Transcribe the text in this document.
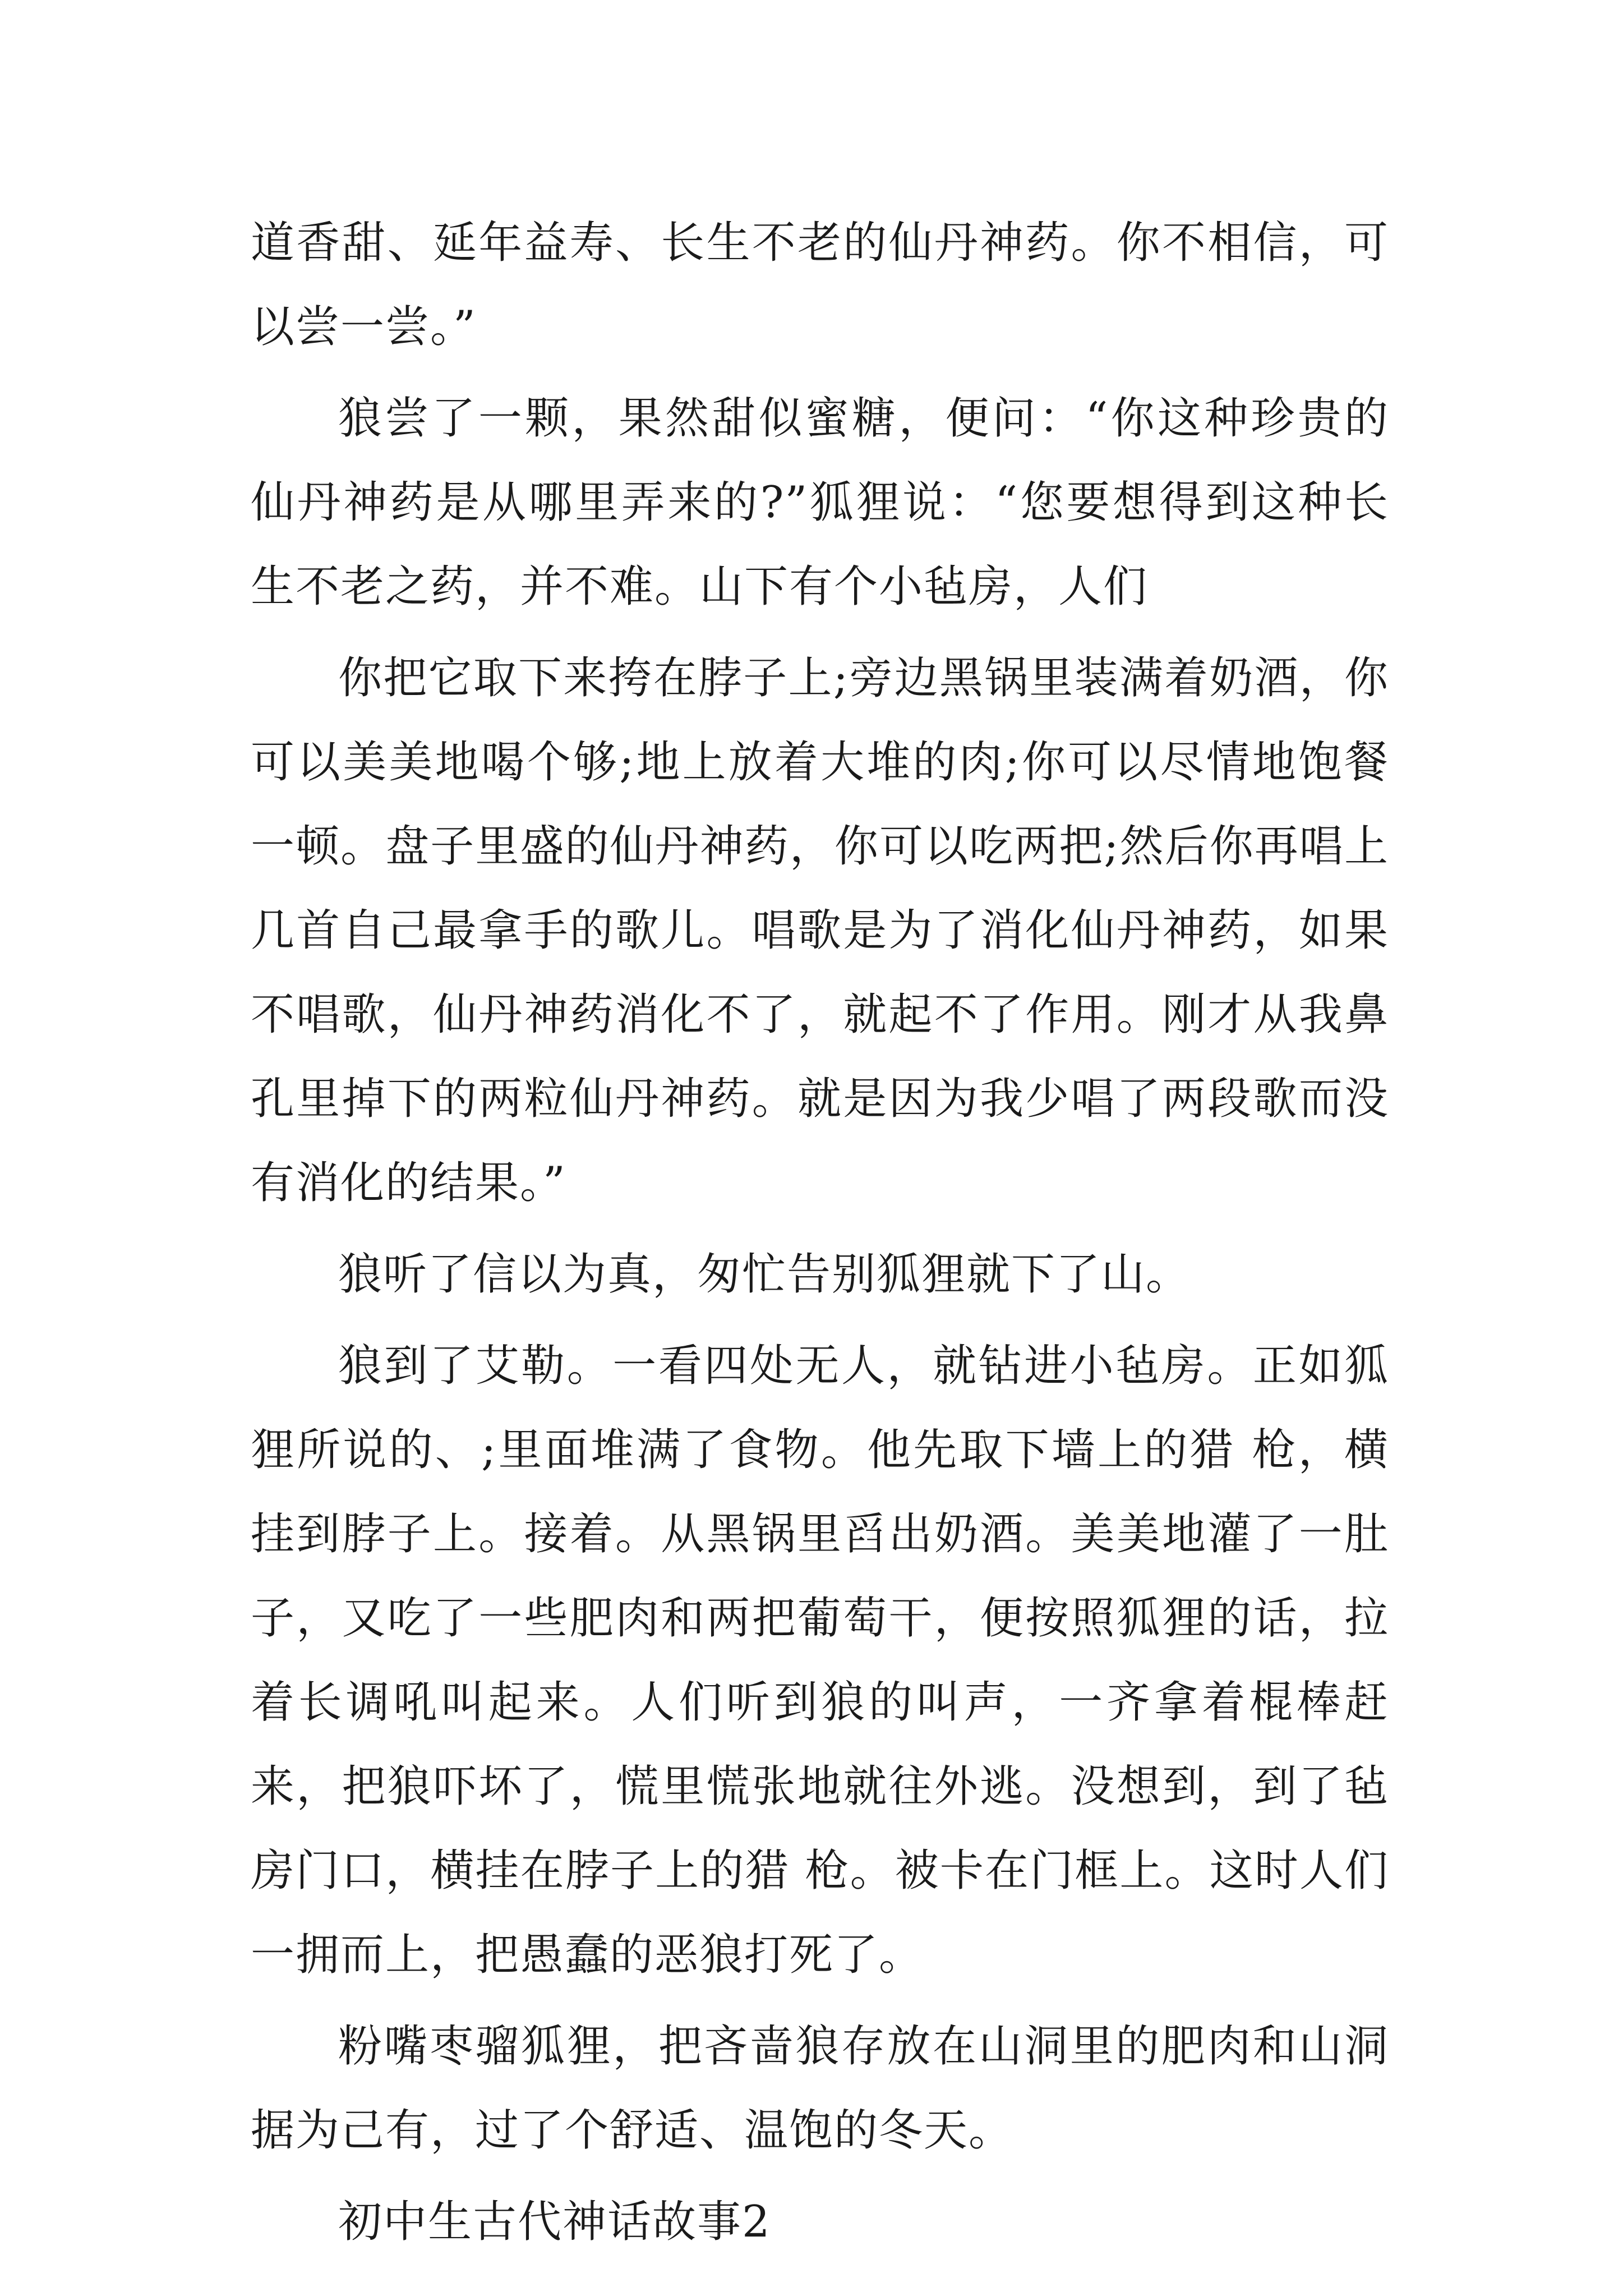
道香甜、延年益寿、长生不老的仙丹神药。你不相信，可以尝一尝。”

狼尝了一颗，果然甜似蜜糖，便问：“你这种珍贵的仙丹神药是从哪里弄来的?”狐狸说：“您要想得到这种长生不老之药，并不难。山下有个小毡房，人们

你把它取下来挎在脖子上;旁边黑锅里装满着奶酒，你可以美美地喝个够;地上放着大堆的肉;你可以尽情地饱餐一顿。盘子里盛的仙丹神药，你可以吃两把;然后你再唱上几首自己最拿手的歌儿。唱歌是为了消化仙丹神药，如果不唱歌，仙丹神药消化不了，就起不了作用。刚才从我鼻孔里掉下的两粒仙丹神药。就是因为我少唱了两段歌而没有消化的结果。”

狼听了信以为真，匆忙告别狐狸就下了山。

狼到了艾勒。一看四处无人，就钻进小毡房。正如狐狸所说的、;里面堆满了食物。他先取下墙上的猎 枪，横挂到脖子上。接着。从黑锅里舀出奶酒。美美地灌了一肚子，又吃了一些肥肉和两把葡萄干，便按照狐狸的话，拉着长调吼叫起来。人们听到狼的叫声，一齐拿着棍棒赶来，把狼吓坏了，慌里慌张地就往外逃。没想到，到了毡房门口，横挂在脖子上的猎 枪。被卡在门框上。这时人们一拥而上，把愚蠢的恶狼打死了。

粉嘴枣骝狐狸，把吝啬狼存放在山洞里的肥肉和山洞据为己有，过了个舒适、温饱的冬天。

初中生古代神话故事2
